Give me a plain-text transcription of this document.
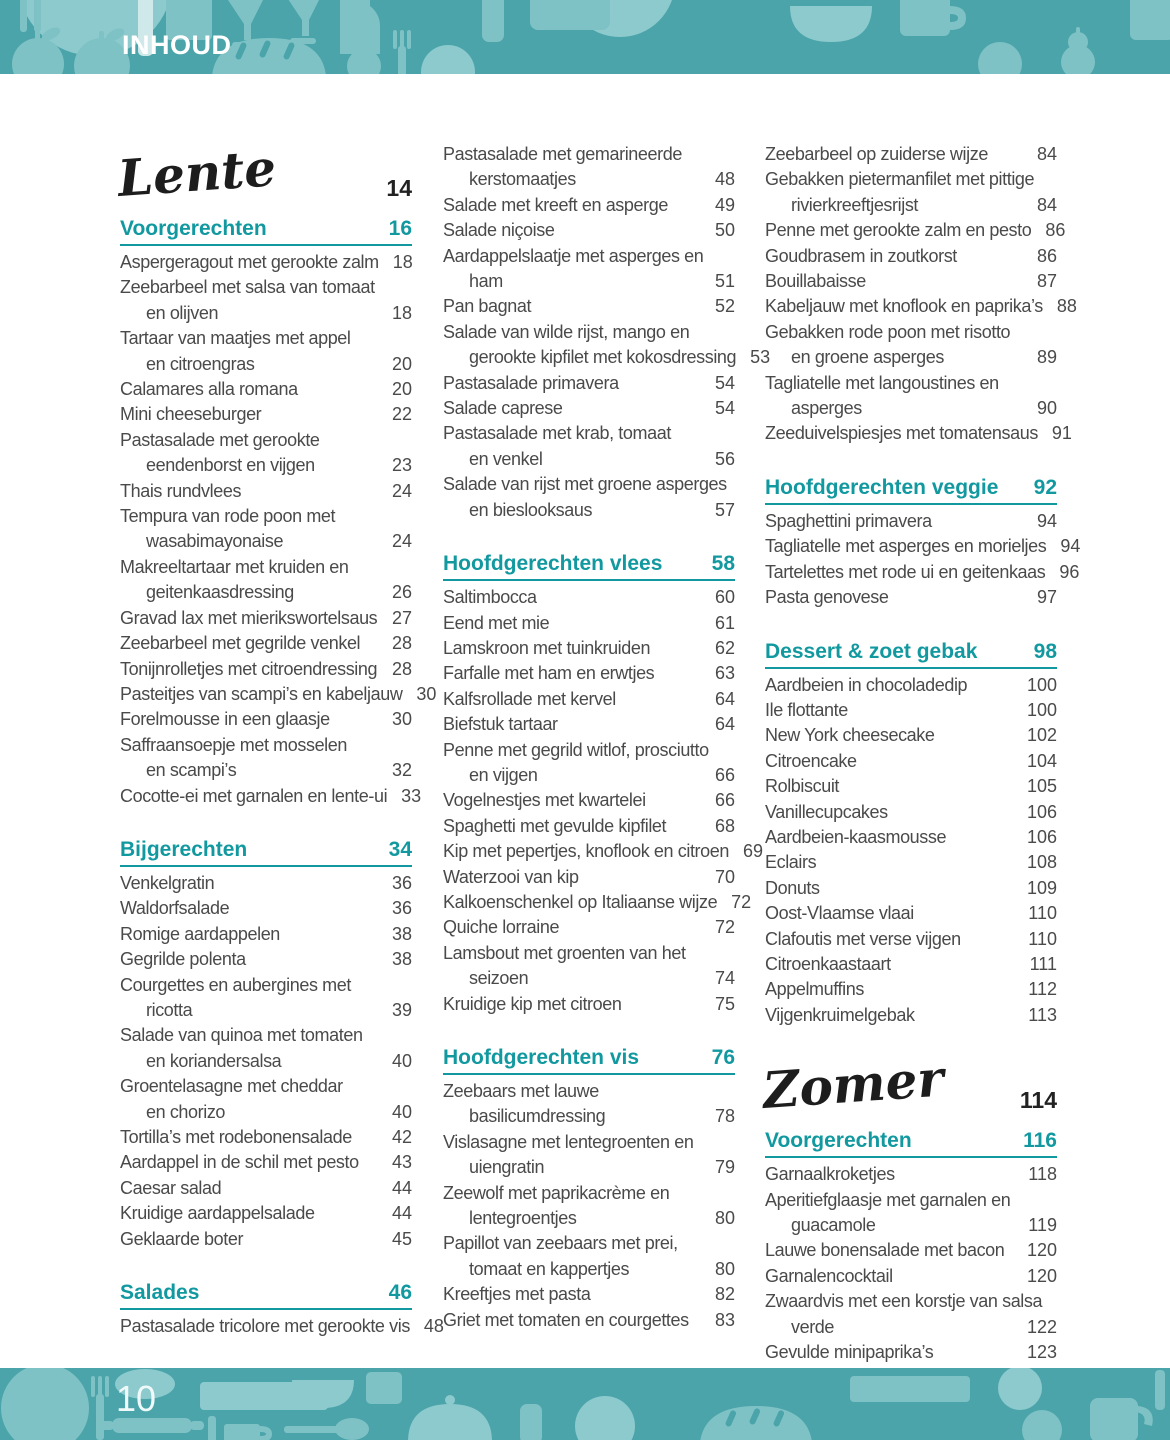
INHOUD
Lente	14
Voorgerechten	16
Aspergeragout met gerookte zalm 18
Zeebarbeel met salsa van tomaat
en olijven	18
Tartaar van maatjes met appel
en citroengras	20
Calamares alla romana	20
Mini cheeseburger	22
Pastasalade met gerookte
eendenborst en vijgen	23
Thais rundvlees	24
Tempura van rode poon met
wasabimayonaise	24
Makreeltartaar met kruiden en
geitenkaasdressing	26
Gravad lax met mierikswortelsaus 27
Zeebarbeel met gegrilde venkel	28
Tonijnrolletjes met citroendressing 28
Pasteitjes van scampi’s en kabeljauw 30
Forelmousse in een glaasje	30
Saffraansoepje met mosselen
en scampi’s	32
Cocotte-ei met garnalen en lente-ui 33
Bijgerechten	34
Venkelgratin	36
Waldorfsalade	36
Romige aardappelen	38
Gegrilde polenta	38
Courgettes en aubergines met
ricotta	39
Salade van quinoa met tomaten
en koriandersalsa	40
Groentelasagne met cheddar
en chorizo	40
Tortilla’s met rodebonensalade	42
Aardappel in de schil met pesto	43
Caesar salad	44
Kruidige aardappelsalade	44
Geklaarde boter	45
Salades	46
Pastasalade tricolore met gerookte vis 48
Pastasalade met gemarineerde
kerstomaatjes	48
Salade met kreeft en asperge	49
Salade niçoise	50
Aardappelslaatje met asperges en
ham	51
Pan bagnat	52
Salade van wilde rijst, mango en
gerookte kipfilet met kokosdressing 53
Pastasalade primavera	54
Salade caprese	54
Pastasalade met krab, tomaat
en venkel	56
Salade van rijst met groene asperges
en bieslooksaus	57
Hoofdgerechten vlees 58
Saltimbocca	60
Eend met mie	61
Lamskroon met tuinkruiden	62
Farfalle met ham en erwtjes	63
Kalfsrollade met kervel	64
Biefstuk tartaar	64
Penne met gegrild witlof, prosciutto
en vijgen	66
Vogelnestjes met kwartelei	66
Spaghetti met gevulde kipfilet	68
Kip met pepertjes, knoflook en citroen 69
Waterzooi van kip	70
Kalkoenschenkel op Italiaanse wijze 72
Quiche lorraine	72
Lamsbout met groenten van het
seizoen	74
Kruidige kip met citroen	75
Hoofdgerechten vis	76
Zeebaars met lauwe
basilicumdressing	78
Vislasagne met lentegroenten en
uiengratin	79
Zeewolf met paprikacrème en
lentegroentjes	80
Papillot van zeebaars met prei,
tomaat en kappertjes	80
Kreeftjes met pasta	82
Griet met tomaten en courgettes	83
Zeebarbeel op zuiderse wijze	84
Gebakken pietermanfilet met pittige
rivierkreeftjesrijst	84
Penne met gerookte zalm en pesto 86
Goudbrasem in zoutkorst	86
Bouillabaisse	87
Kabeljauw met knoflook en paprika’s 88
Gebakken rode poon met risotto
en groene asperges	89
Tagliatelle met langoustines en
asperges	90
Zeeduivelspiesjes met tomatensaus 91
Hoofdgerechten veggie 92
Spaghettini primavera	94
Tagliatelle met asperges en morieljes 94
Tartelettes met rode ui en geitenkaas 96
Pasta genovese	97
Dessert & zoet gebak	98
Aardbeien in chocoladedip	100
Ile flottante	100
New York cheesecake	102
Citroencake	104
Rolbiscuit	105
Vanillecupcakes	106
Aardbeien-kaasmousse	106
Eclairs	108
Donuts	109
Oost-Vlaamse vlaai	110
Clafoutis met verse vijgen	110
Citroenkaastaart	111
Appelmuffins	112
Vijgenkruimelgebak	113
Zomer	114
Voorgerechten	116
Garnaalkroketjes	118
Aperitiefglaasje met garnalen en
guacamole	119
Lauwe bonensalade met bacon	120
Garnalencocktail	120
Zwaardvis met een korstje van salsa
verde	122
Gevulde minipaprika’s	123
10
